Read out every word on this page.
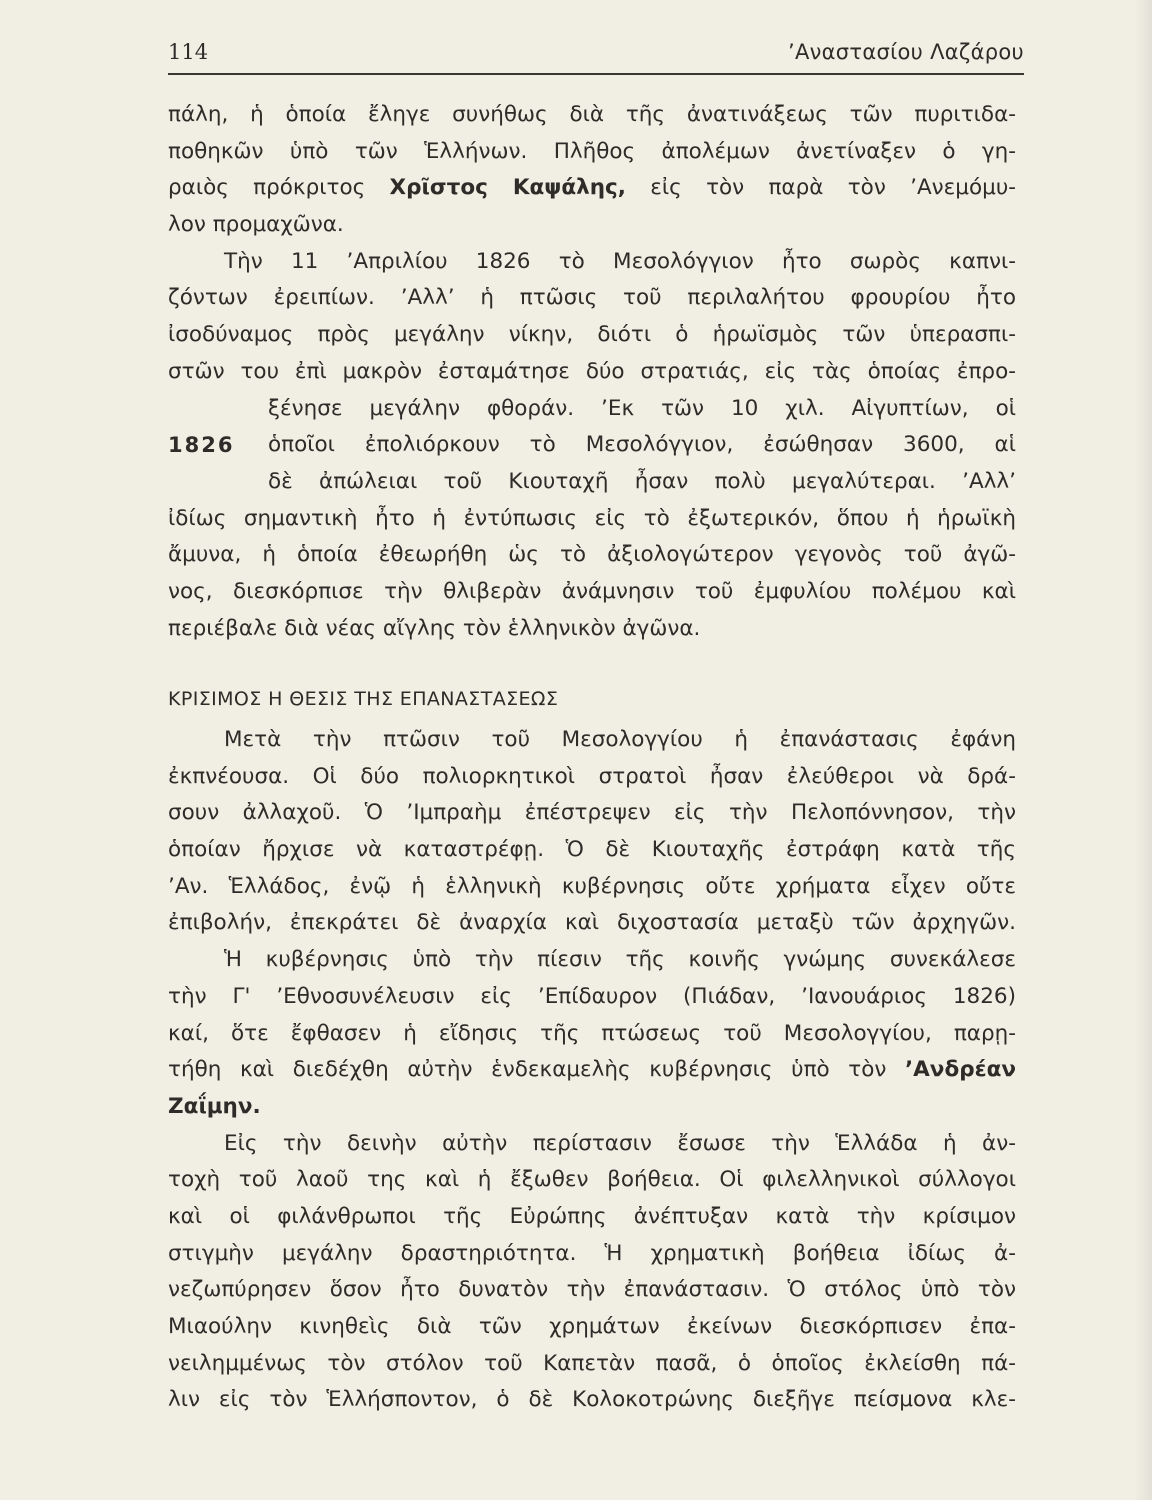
114	’Αναστασίου Λαζάρου
πάλη, ἡ ὁποία ἔληγε συνήθως διὰ τῆς ἀνατινάξεως τῶν πυριτιδα-
ποθηκῶν ὑπὸ τῶν Ἑλλήνων. Πλῆθος ἀπολέμων ἀνετίναξεν ὁ γη-
ραιὸς πρόκριτος Χρῖστος Καψάλης, εἰς τὸν παρὰ τὸν ’Ανεμόμυ-
λον προμαχῶνα.
Τὴν 11 ’Απριλίου 1826 τὸ Μεσολόγγιον ἦτο σωρὸς καπνι-
ζόντων ἐρειπίων. ’Αλλ’ ἡ πτῶσις τοῦ περιλαλήτου φρουρίου ἦτο
ἰσοδύναμος πρὸς μεγάλην νίκην, διότι ὁ ἡρωϊσμὸς τῶν ὑπερασπι-
στῶν του ἐπὶ μακρὸν ἐσταμάτησε δύο στρατιάς, εἰς τὰς ὁποίας ἐπρο-
ξένησε μεγάλην φθοράν. ’Εκ τῶν 10 χιλ. Αἰγυπτίων, οἱ
1826	ὁποῖοι ἐπολιόρκουν τὸ Μεσολόγγιον, ἐσώθησαν 3600, αἱ
δὲ ἀπώλειαι τοῦ Κιουταχῆ ἦσαν πολὺ μεγαλύτεραι. ’Αλλ’
ἰδίως σημαντικὴ ἦτο ἡ ἐντύπωσις εἰς τὸ ἐξωτερικόν, ὅπου ἡ ἡρωϊκὴ
ἄμυνα, ἡ ὁποία ἐθεωρήθη ὡς τὸ ἀξιολογώτερον γεγονὸς τοῦ ἀγῶ-
νος, διεσκόρπισε τὴν θλιβερὰν ἀνάμνησιν τοῦ ἐμφυλίου πολέμου καὶ
περιέβαλε διὰ νέας αἴγλης τὸν ἑλληνικὸν ἀγῶνα.
ΚΡΙΣΙΜΟΣ Η ΘΕΣΙΣ ΤΗΣ ΕΠΑΝΑΣΤΑΣΕΩΣ
Μετὰ τὴν πτῶσιν τοῦ Μεσολογγίου ἡ ἐπανάστασις ἐφάνη
ἐκπνέουσα. Οἱ δύο πολιορκητικοὶ στρατοὶ ἦσαν ἐλεύθεροι νὰ δρά-
σουν ἀλλαχοῦ. Ὁ ’Ιμπραὴμ ἐπέστρεψεν εἰς τὴν Πελοπόννησον, τὴν
ὁποίαν ἤρχισε νὰ καταστρέφῃ. Ὁ δὲ Κιουταχῆς ἐστράφη κατὰ τῆς
’Αν. Ἑλλάδος, ἐνῷ ἡ ἑλληνικὴ κυβέρνησις οὔτε χρήματα εἶχεν οὔτε
ἐπιβολήν, ἐπεκράτει δὲ ἀναρχία καὶ διχοστασία μεταξὺ τῶν ἀρχηγῶν.
Ἡ κυβέρνησις ὑπὸ τὴν πίεσιν τῆς κοινῆς γνώμης συνεκάλεσε
τὴν Γ' ’Εθνοσυνέλευσιν εἰς ’Επίδαυρον (Πιάδαν, ’Ιανουάριος 1826)
καί, ὅτε ἔφθασεν ἡ εἴδησις τῆς πτώσεως τοῦ Μεσολογγίου, παρῃ-
τήθη καὶ διεδέχθη αὐτὴν ἑνδεκαμελὴς κυβέρνησις ὑπὸ τὸν ’Ανδρέαν
Ζαΐμην.
Εἰς τὴν δεινὴν αὐτὴν περίστασιν ἔσωσε τὴν Ἑλλάδα ἡ ἀν-
τοχὴ τοῦ λαοῦ της καὶ ἡ ἔξωθεν βοήθεια. Οἱ φιλελληνικοὶ σύλλογοι
καὶ οἱ φιλάνθρωποι τῆς Εὐρώπης ἀνέπτυξαν κατὰ τὴν κρίσιμον
στιγμὴν μεγάλην δραστηριότητα. Ἡ χρηματικὴ βοήθεια ἰδίως ἀ-
νεζωπύρησεν ὅσον ἦτο δυνατὸν τὴν ἐπανάστασιν. Ὁ στόλος ὑπὸ τὸν
Μιαούλην κινηθεὶς διὰ τῶν χρημάτων ἐκείνων διεσκόρπισεν ἐπα-
νειλημμένως τὸν στόλον τοῦ Καπετὰν πασᾶ, ὁ ὁποῖος ἐκλείσθη πά-
λιν εἰς τὸν Ἑλλήσποντον, ὁ δὲ Κολοκοτρώνης διεξῆγε πείσμονα κλε-
